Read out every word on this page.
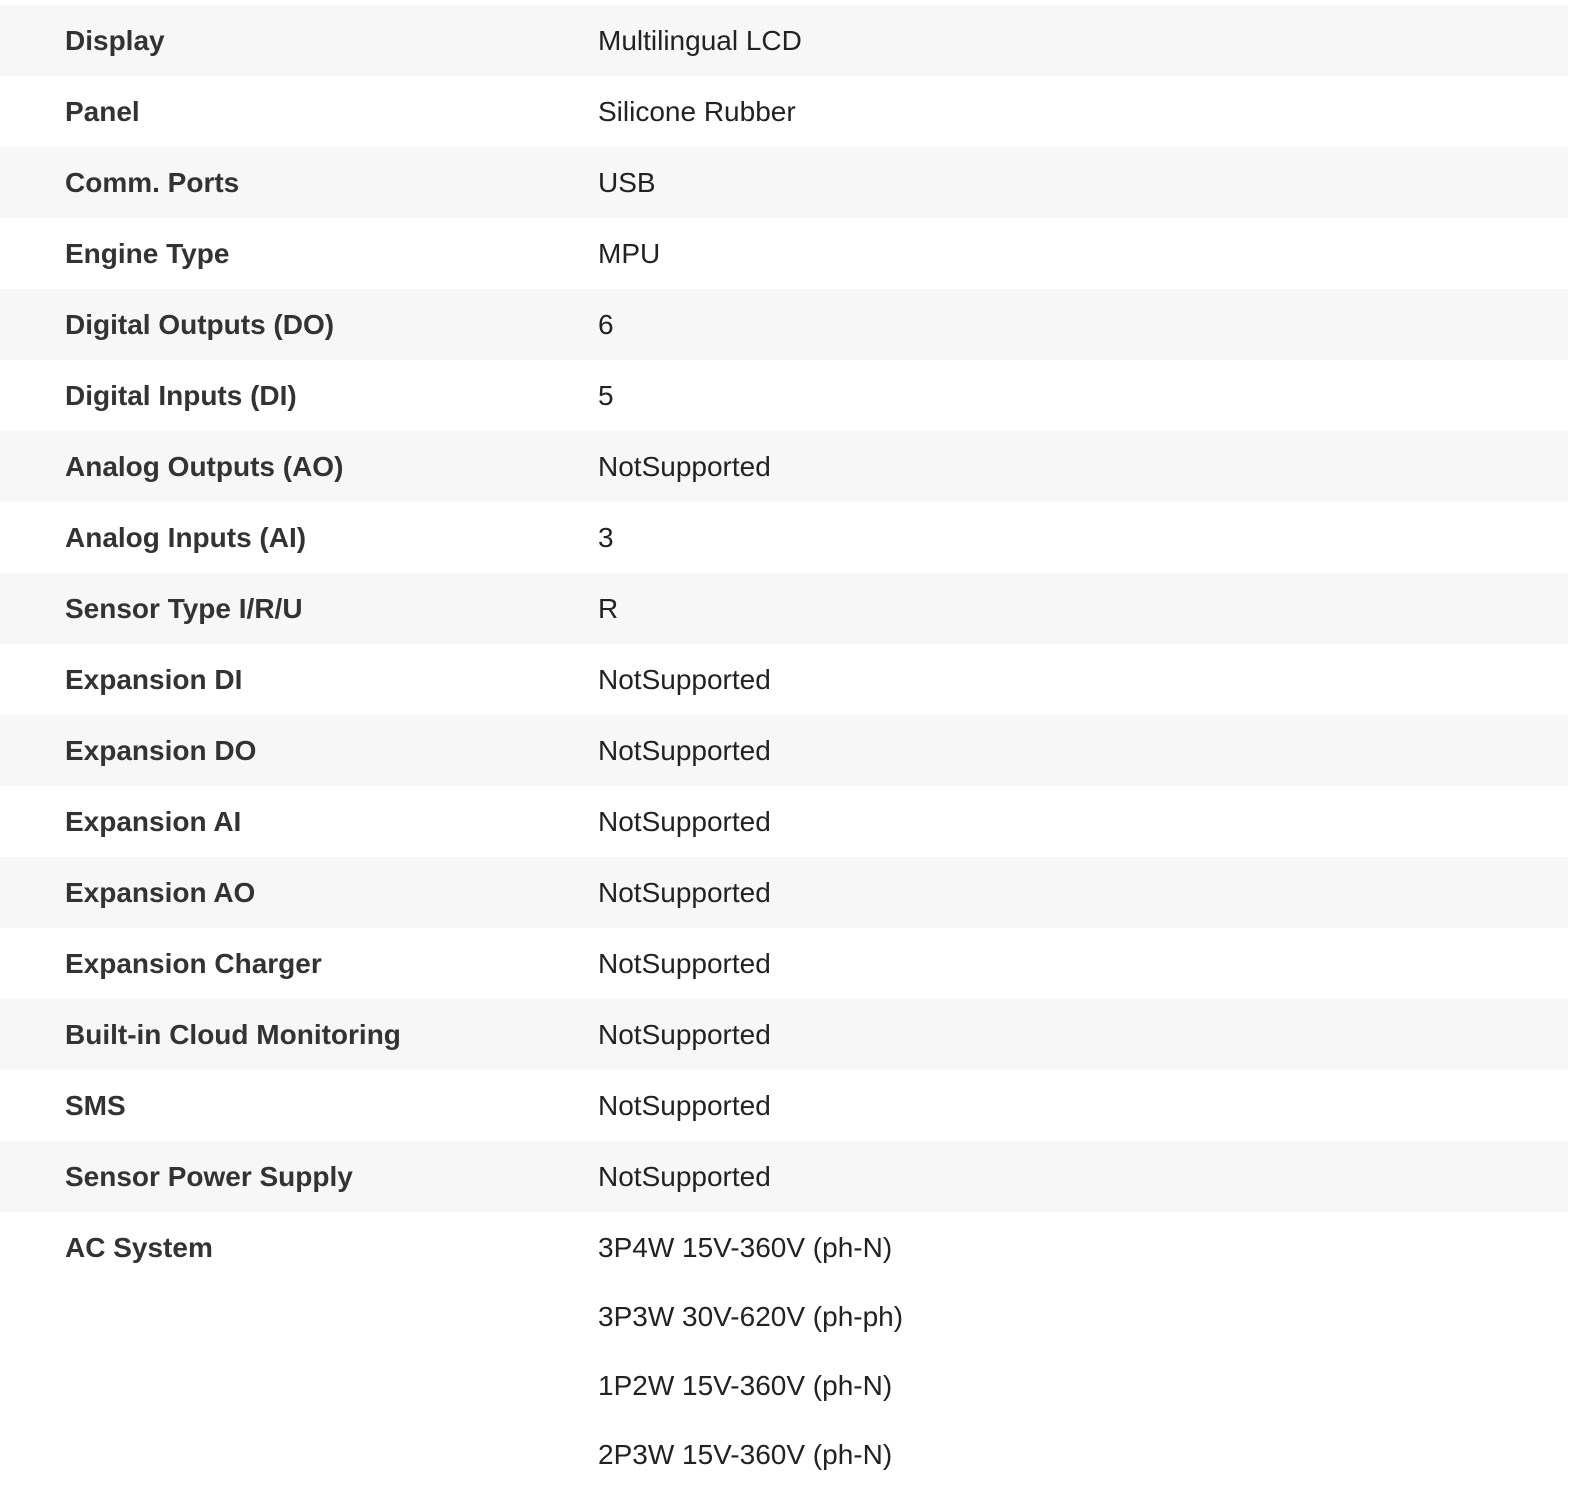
Display	Multilingual LCD
Panel	Silicone Rubber
Comm. Ports	USB
Engine Type	MPU
Digital Outputs (DO)	6
Digital Inputs (DI)	5
Analog Outputs (AO)	NotSupported
Analog Inputs (AI)	3
Sensor Type I/R/U	R
Expansion DI	NotSupported
Expansion DO	NotSupported
Expansion AI	NotSupported
Expansion AO	NotSupported
Expansion Charger	NotSupported
Built-in Cloud Monitoring	NotSupported
SMS	NotSupported
Sensor Power Supply	NotSupported
AC System	3P4W 15V-360V (ph-N)
3P3W 30V-620V (ph-ph)
1P2W 15V-360V (ph-N)
2P3W 15V-360V (ph-N)
